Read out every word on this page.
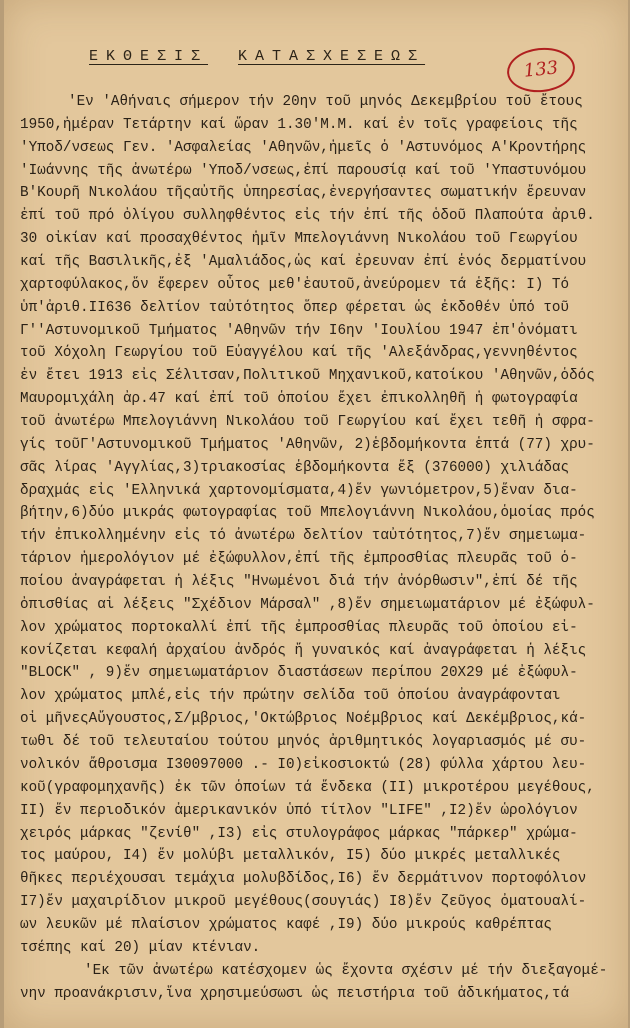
ΕΚΘΕΣΙΣ ΚΑΤΑΣΧΕΣΕΩΣ
133
'Εν 'Αθήναις σήμερον τήν 20ην τοῦ μηνός Δεκεμβρίου τοῦ ἔτους
1950,ἡμέραν Τετάρτην καί ὥραν 1.30'Μ.Μ. καί ἐν τοῖς γραφείοις τῆς
'Υποδ/νσεως Γεν. 'Ασφαλείας 'Αθηνῶν,ἡμεῖς ὁ 'Αστυνόμος Α'Κροντήρης
'Ιωάννης τῆς ἀνωτέρω 'Υποδ/νσεως,ἐπί παρουσίᾳ καί τοῦ 'Υπαστυνόμου
Β'Κουρῆ Νικολάου τῆςαὐτῆς ὑπηρεσίας,ἐνεργήσαντες σωματικήν ἔρευναν
ἐπί τοῦ πρό ὀλίγου συλληφθέντος εἰς τήν ἐπί τῆς ὁδοῦ Πλαπούτα ἀριθ.
30 οἰκίαν καί προσαχθέντος ἡμῖν Μπελογιάννη Νικολάου τοῦ Γεωργίου
καί τῆς Βασιλικῆς,ἐξ 'Αμαλιάδος,ὡς καί ἐρευναν ἐπί ἑνός δερματίνου
χαρτοφύλακος,ὅν ἔφερεν οὗτος μεθ'ἑαυτοῦ,ἀνεύρομεν τά ἑξῆς: I) Τό
ὑπ'ἀριθ.II636 δελτίον ταὐτότητος ὅπερ φέρεται ὡς ἐκδοθέν ὑπό τοῦ
Γ''Αστυνομικοῦ Τμήματος 'Αθηνῶν τήν Ι6ην 'Ιουλίου 1947 ἐπ'ὀνόματι
τοῦ Χόχολη Γεωργίου τοῦ Εὐαγγέλου καί τῆς 'Αλεξάνδρας,γεννηθέντος
ἐν ἔτει 1913 εἰς Σέλιτσαν,Πολιτικοῦ Μηχανικοῦ,κατοίκου 'Αθηνῶν,ὁδός
Μαυρομιχάλη ἀρ.47 καί ἐπί τοῦ ὁποίου ἔχει ἐπικολληθῆ ἡ φωτογραφία
τοῦ ἀνωτέρω Μπελογιάννη Νικολάου τοῦ Γεωργίου καί ἔχει τεθῆ ἡ σφρα-
γίς τοῦΓ'Αστυνομικοῦ Τμήματος 'Αθηνῶν, 2)ἑβδομήκοντα ἑπτά (77) χρυ-
σᾶς λίρας 'Αγγλίας,3)τριακοσίας ἑβδομήκοντα ἕξ (376000) χιλιάδας
δραχμάς εἰς 'Ελληνικά χαρτονομίσματα,4)ἕν γωνιόμετρον,5)ἕναν δια-
βήτην,6)δύο μικράς φωτογραφίας τοῦ Μπελογιάννη Νικολάου,ὁμοίας πρός
τήν ἐπικολλημένην εἰς τό ἀνωτέρω δελτίον ταὐτότητος,7)ἕν σημειωμα-
τάριον ἡμερολόγιον μέ ἐξώφυλλον,ἐπί τῆς ἐμπροσθίας πλευρᾶς τοῦ ὁ-
ποίου ἀναγράφεται ἡ λέξις "Ηνωμένοι διά τήν ἀνόρθωσιν",ἐπί δέ τῆς
ὀπισθίας αἱ λέξεις "Σχέδιον Μάρσαλ" ,8)ἕν σημειωματάριον μέ ἐξώφυλ-
λον χρώματος πορτοκαλλί ἐπί τῆς ἐμπροσθίας πλευρᾶς τοῦ ὁποίου εἰ-
κονίζεται κεφαλή ἀρχαίου ἀνδρός ἤ γυναικός καί ἀναγράφεται ἡ λέξις
"BLOCK" , 9)ἕν σημειωματάριον διαστάσεων περίπου 20Χ29 μέ ἐξώφυλ-
λον χρώματος μπλέ,εἰς τήν πρώτην σελίδα τοῦ ὁποίου ἀναγράφονται
οἱ μῆνεςΑὔγουστος,Σ/μβριος,'Οκτώβριος Νοέμβριος καί Δεκέμβριος,κά-
τωθι δέ τοῦ τελευταίου τούτου μηνός ἀριθμητικός λογαριασμός μέ συ-
νολικόν ἄθροισμα I30097000 .- I0)εἰκοσιοκτώ (28) φύλλα χάρτου λευ-
κοῦ(γραφομηχανῆς) ἐκ τῶν ὁποίων τά ἕνδεκα (II) μικροτέρου μεγέθους,
II) ἕν περιοδικόν ἀμερικανικόν ὑπό τίτλον "LIFE" ,I2)ἕν ὡρολόγιον
χειρός μάρκας "ζενίθ" ,I3) εἰς στυλογράφος μάρκας "πάρκερ" χρώμα-
τος μαύρου, I4) ἕν μολύβι μεταλλικόν, I5) δύο μικρές μεταλλικές
θῆκες περιέχουσαι τεμάχια μολυβδίδος,I6) ἕν δερμάτινον πορτοφόλιον
I7)ἕν μαχαιρίδιον μικροῦ μεγέθους(σουγιάς) I8)ἕν ζεῦγος ὀματουαλί-
ων λευκῶν μέ πλαίσιον χρώματος καφέ ,I9) δύο μικρούς καθρέπτας
τσέπης καί 20) μίαν κτένιαν.
'Εκ τῶν ἀνωτέρω κατέσχομεν ὡς ἔχοντα σχέσιν μέ τήν διεξαγομέ-
νην προανάκρισιν,ἵνα χρησιμεύσωσι ὡς πειστήρια τοῦ ἀδικήματος,τά
